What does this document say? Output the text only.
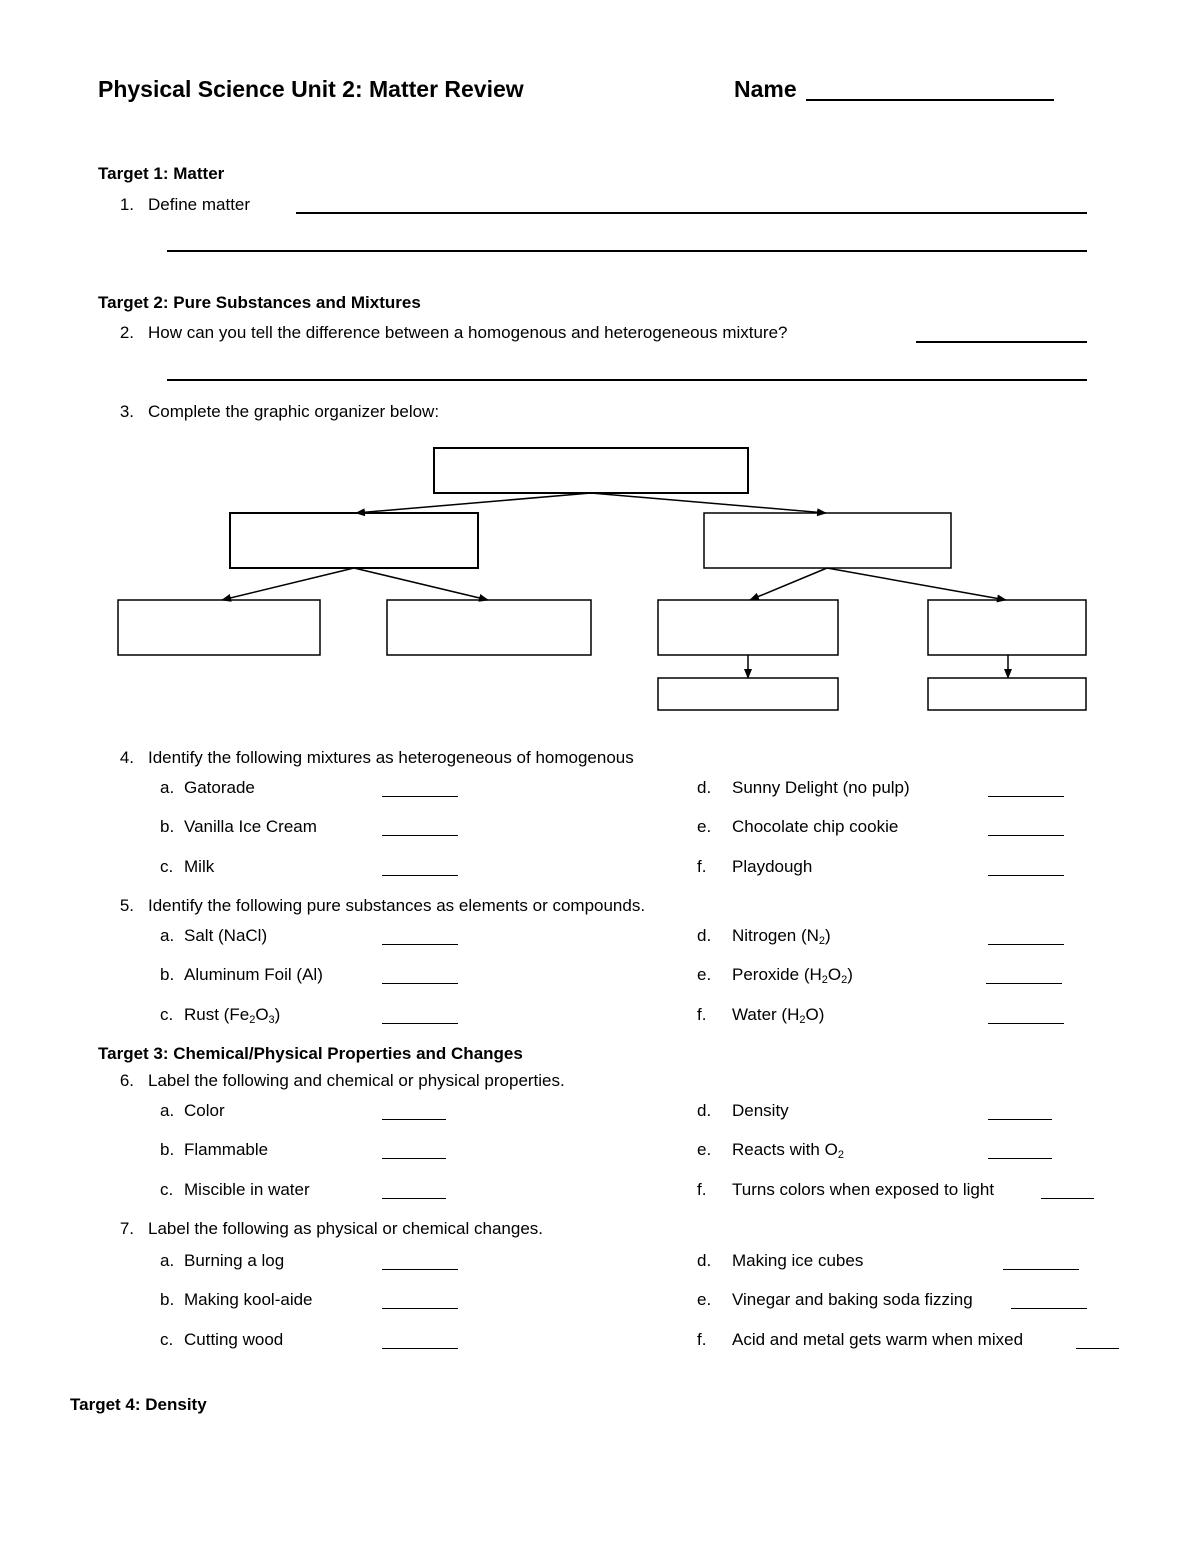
Physical Science Unit 2: Matter Review	Name
Target 1: Matter
1. Define matter
Target 2: Pure Substances and Mixtures
2. How can you tell the difference between a homogenous and heterogeneous mixture?
3. Complete the graphic organizer below:
4. Identify the following mixtures as heterogeneous of homogenous
a. Gatorade
b. Vanilla Ice Cream
c. Milk
d. Sunny Delight (no pulp)
e. Chocolate chip cookie
f. Playdough
5. Identify the following pure substances as elements or compounds.
a. Salt (NaCl)
b. Aluminum Foil (Al)
c. Rust $(Fe_2O_3)$
d. Nitrogen $(N_2)$
e. Peroxide $(H_2O_2)$
f. Water $(H_2O)$
Target 3: Chemical/Physical Properties and Changes
6. Label the following and chemical or physical properties.
a. Color
b. Flammable
c. Miscible in water
d. Density
e. Reacts with $O_2$
f. Turns colors when exposed to light
7. Label the following as physical or chemical changes.
a. Burning a log
b. Making kool-aide
c. Cutting wood
d. Making ice cubes
e. Vinegar and baking soda fizzing
f. Acid and metal gets warm when mixed
Target 4: Density
